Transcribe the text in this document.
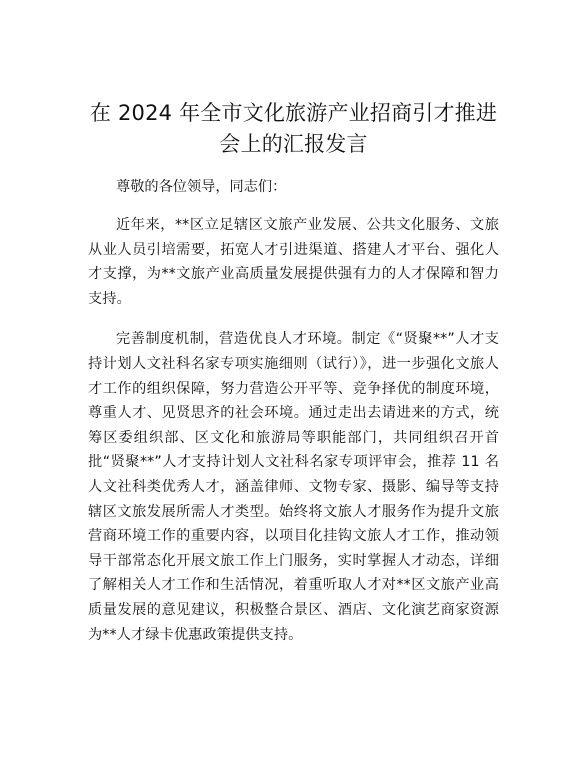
在 2024 年全市文化旅游产业招商引才推进会上的汇报发言

尊敬的各位领导，同志们：

近年来，**区立足辖区文旅产业发展、公共文化服务、文旅从业人员引培需要，拓宽人才引进渠道、搭建人才平台、强化人才支撑，为**文旅产业高质量发展提供强有力的人才保障和智力支持。

完善制度机制，营造优良人才环境。制定《“贤聚**”人才支持计划人文社科名家专项实施细则（试行）》，进一步强化文旅人才工作的组织保障，努力营造公开平等、竞争择优的制度环境，尊重人才、见贤思齐的社会环境。通过走出去请进来的方式，统筹区委组织部、区文化和旅游局等职能部门，共同组织召开首批“贤聚**”人才支持计划人文社科名家专项评审会，推荐 11 名人文社科类优秀人才，涵盖律师、文物专家、摄影、编导等支持辖区文旅发展所需人才类型。始终将文旅人才服务作为提升文旅营商环境工作的重要内容，以项目化挂钩文旅人才工作，推动领导干部常态化开展文旅工作上门服务，实时掌握人才动态，详细了解相关人才工作和生活情况，着重听取人才对**区文旅产业高质量发展的意见建议，积极整合景区、酒店、文化演艺商家资源为**人才绿卡优惠政策提供支持。
